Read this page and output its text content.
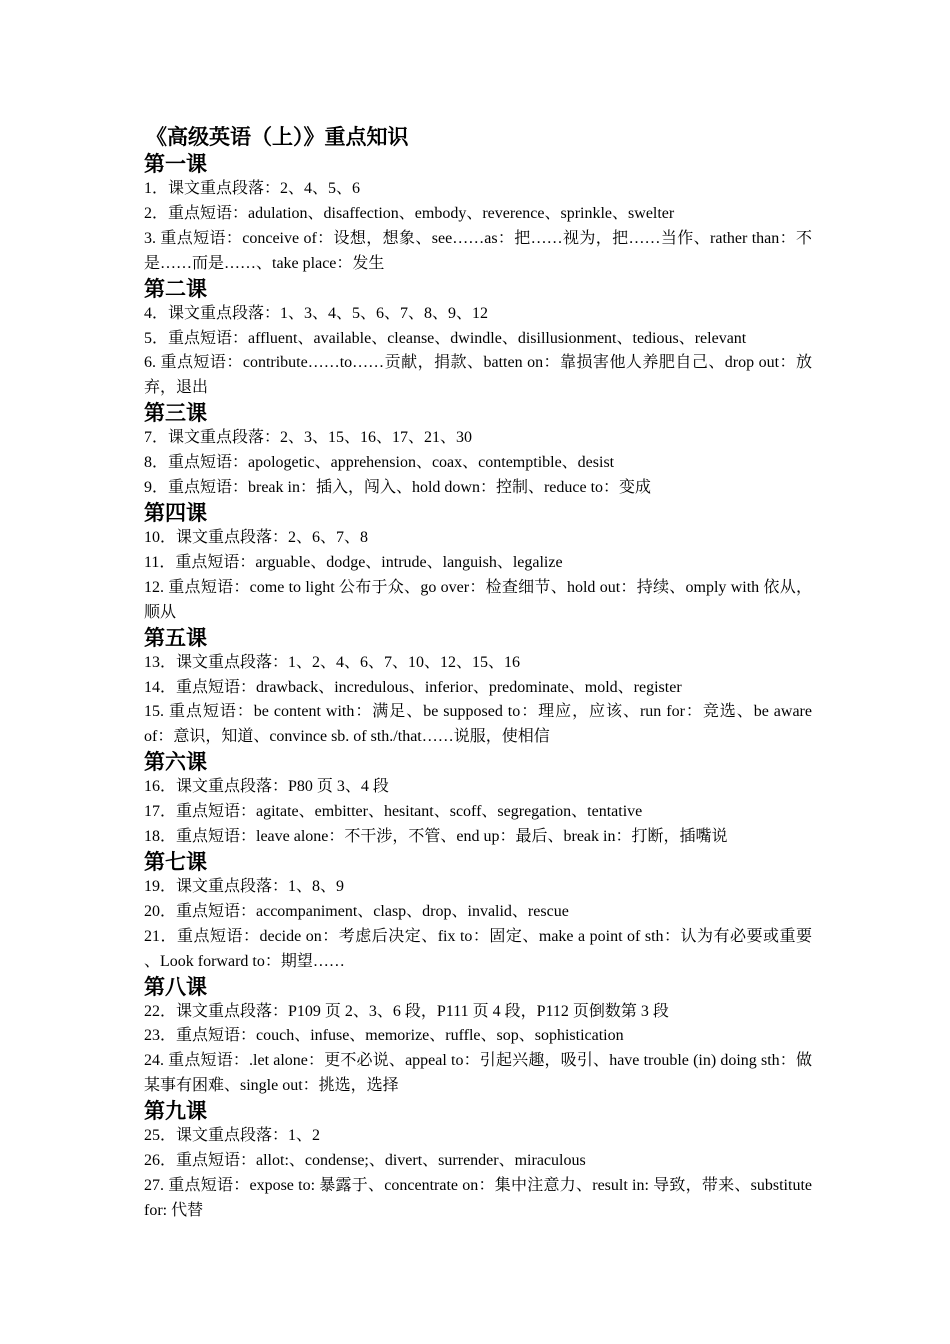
《高级英语（上）》重点知识
第一课
1．课文重点段落：2、4、5、6
2．重点短语：adulation、disaffection、embody、reverence、sprinkle、swelter
3. 重点短语：conceive of：设想，想象、see……as：把……视为，把……当作、rather than：不是……而是……、take place：发生
第二课
4．课文重点段落：1、3、4、5、6、7、8、9、12
5．重点短语：affluent、available、cleanse、dwindle、disillusionment、tedious、relevant
6. 重点短语：contribute……to……贡献，捐款、batten on：靠损害他人养肥自己、drop out：放弃，退出
第三课
7．课文重点段落：2、3、15、16、17、21、30
8．重点短语：apologetic、apprehension、coax、contemptible、desist
9．重点短语：break in：插入，闯入、hold down：控制、reduce to：变成
第四课
10．课文重点段落：2、6、7、8
11．重点短语：arguable、dodge、intrude、languish、legalize
12. 重点短语：come to light 公布于众、go over：检查细节、hold out：持续、omply with 依从，顺从
第五课
13．课文重点段落：1、2、4、6、7、10、12、15、16
14．重点短语：drawback、incredulous、inferior、predominate、mold、register
15. 重点短语：be content with：满足、be supposed to：理应，应该、run for：竞选、be aware of：意识，知道、convince sb. of sth./that……说服，使相信
第六课
16．课文重点段落：P80 页 3、4 段
17．重点短语：agitate、embitter、hesitant、scoff、segregation、tentative
18．重点短语：leave alone：不干涉，不管、end up：最后、break in：打断，插嘴说
第七课
19．课文重点段落：1、8、9
20．重点短语：accompaniment、clasp、drop、invalid、rescue
21．重点短语：decide on：考虑后决定、fix to：固定、make a point of sth：认为有必要或重要 、Look forward to：期望……
第八课
22．课文重点段落：P109 页 2、3、6 段，P111 页 4 段，P112 页倒数第 3 段
23．重点短语：couch、infuse、memorize、ruffle、sop、sophistication
24. 重点短语：.let alone：更不必说、appeal to：引起兴趣，吸引、have trouble (in) doing sth：做某事有困难、single out：挑选，选择
第九课
25．课文重点段落：1、2
26．重点短语：allot:、condense;、divert、surrender、miraculous
27. 重点短语：expose to: 暴露于、concentrate on：集中注意力、result in: 导致，带来、substitute for: 代替
